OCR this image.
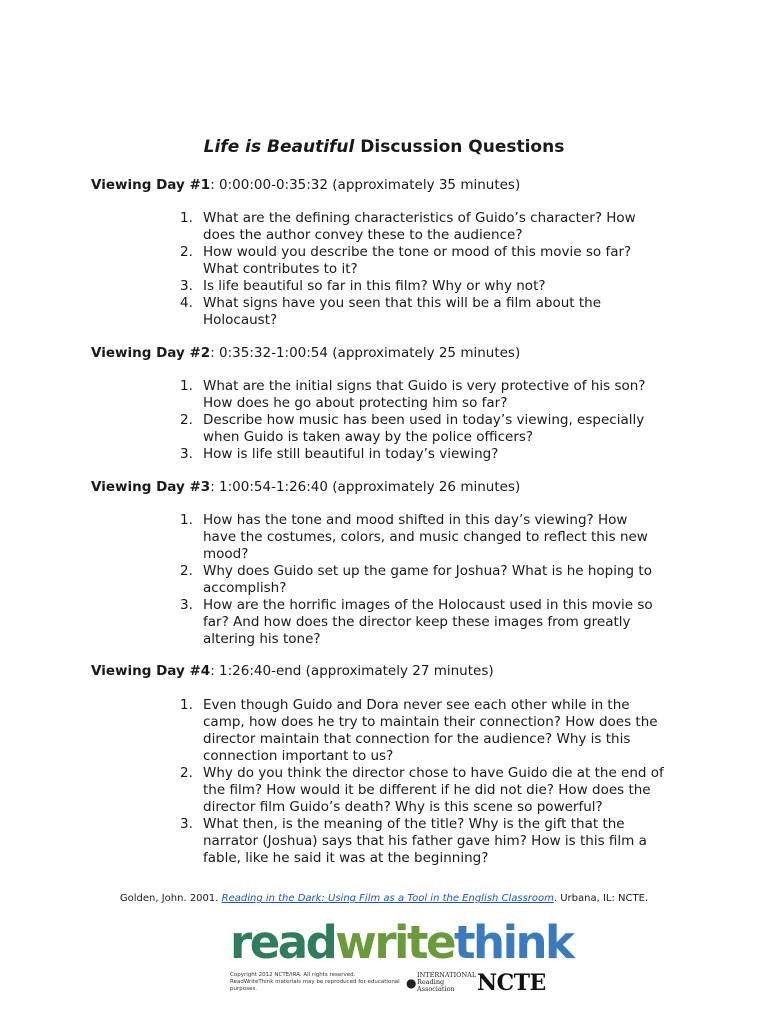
Life is Beautiful Discussion Questions

Viewing Day #1: 0:00:00-0:35:32 (approximately 35 minutes)

1. What are the defining characteristics of Guido’s character? How
does the author convey these to the audience?
2. How would you describe the tone or mood of this movie so far?
What contributes to it?
3. Is life beautiful so far in this film? Why or why not?
4. What signs have you seen that this will be a film about the
Holocaust?

Viewing Day #2: 0:35:32-1:00:54 (approximately 25 minutes)

1. What are the initial signs that Guido is very protective of his son?
How does he go about protecting him so far?
2. Describe how music has been used in today’s viewing, especially
when Guido is taken away by the police officers?
3. How is life still beautiful in today’s viewing?

Viewing Day #3: 1:00:54-1:26:40 (approximately 26 minutes)

1. How has the tone and mood shifted in this day’s viewing? How
have the costumes, colors, and music changed to reflect this new
mood?
2. Why does Guido set up the game for Joshua? What is he hoping to
accomplish?
3. How are the horrific images of the Holocaust used in this movie so
far? And how does the director keep these images from greatly
altering his tone?

Viewing Day #4: 1:26:40-end (approximately 27 minutes)

1. Even though Guido and Dora never see each other while in the
camp, how does he try to maintain their connection? How does the
director maintain that connection for the audience? Why is this
connection important to us?
2. Why do you think the director chose to have Guido die at the end of
the film? How would it be different if he did not die? How does the
director film Guido’s death? Why is this scene so powerful?
3. What then, is the meaning of the title? Why is the gift that the
narrator (Joshua) says that his father gave him? How is this film a
fable, like he said it was at the beginning?

Golden, John. 2001. Reading in the Dark: Using Film as a Tool in the English Classroom. Urbana, IL: NCTE.

readwritethink
Copyright 2012 NCTE/IRA. All rights reserved. ReadWriteThink materials may be reproduced for educational purposes.	●
INTERNATIONAL
Reading
Association	NCTE
